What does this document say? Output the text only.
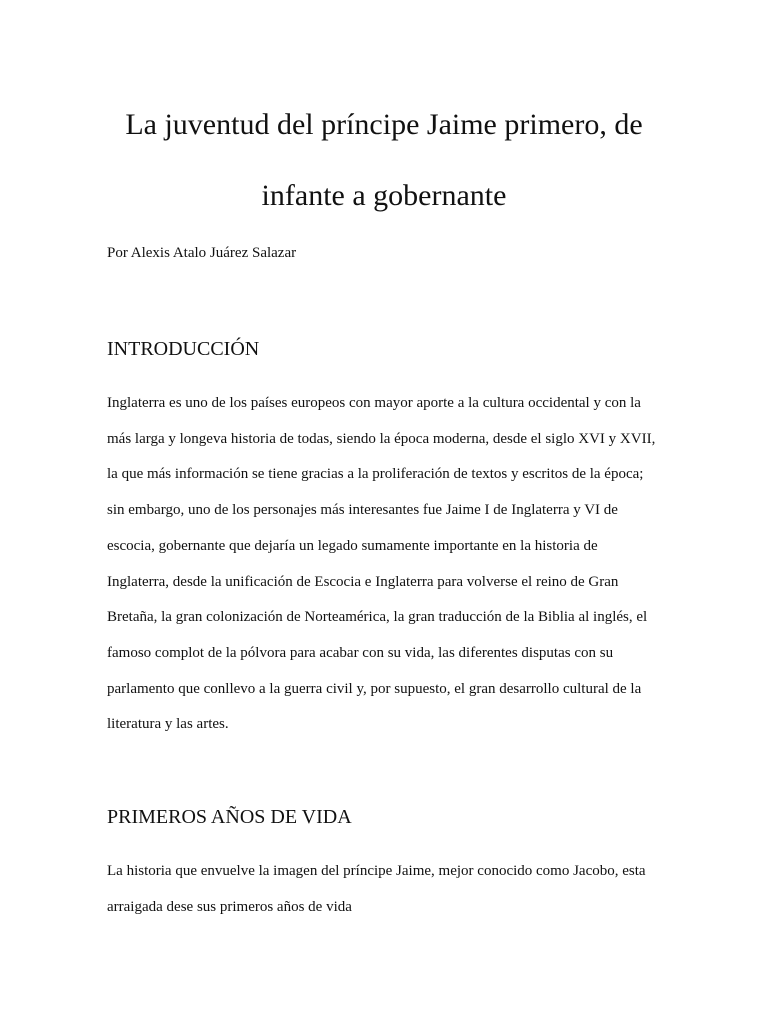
La juventud del príncipe Jaime primero, de
infante a gobernante

Por Alexis Atalo Juárez Salazar

INTRODUCCIÓN

Inglaterra es uno de los países europeos con mayor aporte a la cultura occidental y con la
más larga y longeva historia de todas, siendo la época moderna, desde el siglo XVI y XVII,
la que más información se tiene gracias a la proliferación de textos y escritos de la época;
sin embargo, uno de los personajes más interesantes fue Jaime I de Inglaterra y VI de
escocia, gobernante que dejaría un legado sumamente importante en la historia de
Inglaterra, desde la unificación de Escocia e Inglaterra para volverse el reino de Gran
Bretaña, la gran colonización de Norteamérica, la gran traducción de la Biblia al inglés, el
famoso complot de la pólvora para acabar con su vida, las diferentes disputas con su
parlamento que conllevo a la guerra civil y, por supuesto, el gran desarrollo cultural de la
literatura y las artes.

PRIMEROS AÑOS DE VIDA

La historia que envuelve la imagen del príncipe Jaime, mejor conocido como Jacobo, esta
arraigada dese sus primeros años de vida
